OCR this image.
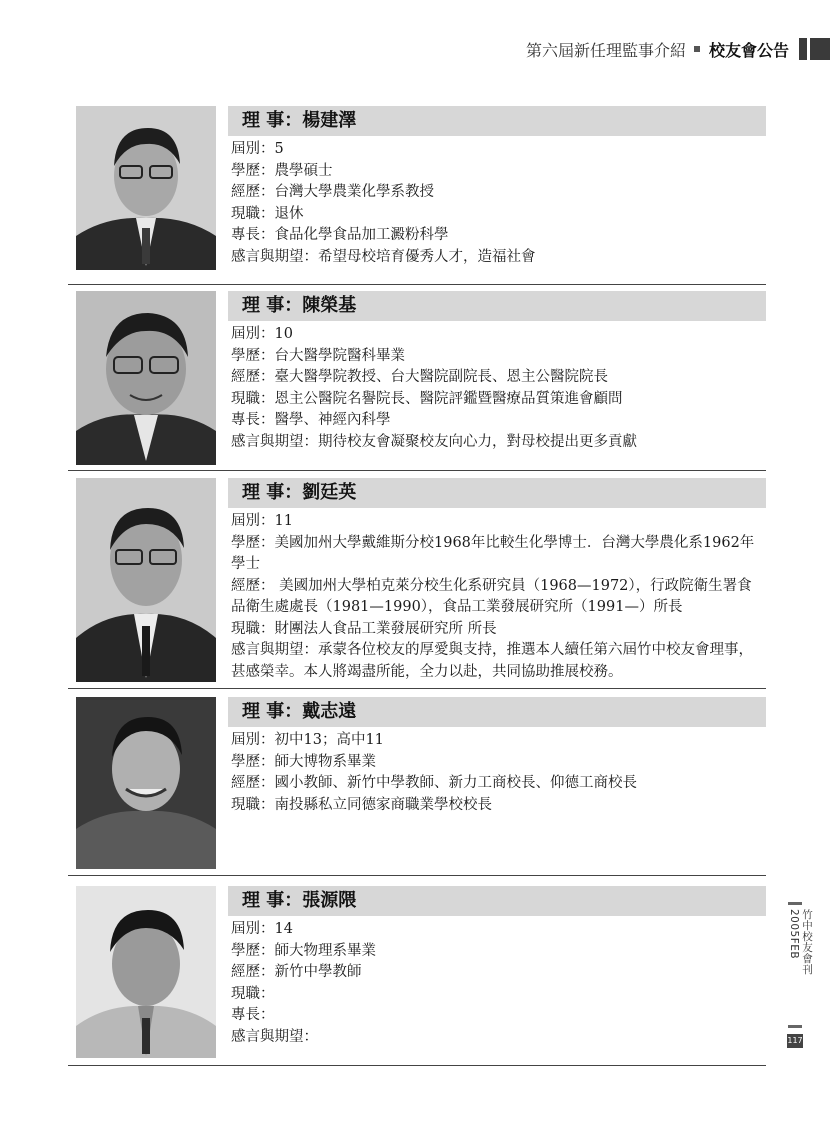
第六屆新任理監事介紹 校友會公告
理 事：楊建澤
屆別：5
學歷：農學碩士
經歷：台灣大學農業化學系教授
現職：退休
專長：食品化學食品加工澱粉科學
感言與期望：希望母校培育優秀人才，造福社會
理 事：陳榮基
屆別：10
學歷：台大醫學院醫科畢業
經歷：臺大醫學院教授、台大醫院副院長、恩主公醫院院長
現職：恩主公醫院名譽院長、醫院評鑑暨醫療品質策進會顧問
專長：醫學、神經內科學
感言與期望：期待校友會凝聚校友向心力，對母校提出更多貢獻
理 事：劉廷英
屆別：11
學歷：美國加州大學戴維斯分校1968年比較生化學博士．台灣大學農化系1962年學士
經歷： 美國加州大學柏克萊分校生化系研究員（1968—1972），行政院衛生署食品衛生處處長（1981—1990），食品工業發展研究所（1991—）所長
現職：財團法人食品工業發展研究所 所長
感言與期望：承蒙各位校友的厚愛與支持，推選本人續任第六屆竹中校友會理事，甚感榮幸。本人將竭盡所能，全力以赴，共同協助推展校務。
理 事：戴志遠
屆別：初中13；高中11
學歷：師大博物系畢業
經歷：國小教師、新竹中學教師、新力工商校長、仰德工商校長
現職：南投縣私立同德家商職業學校校長
理 事：張源隈
屆別：14
學歷：師大物理系畢業
經歷：新竹中學教師
現職：
專長：
感言與期望：
竹中校友會刊2005FEB
117
